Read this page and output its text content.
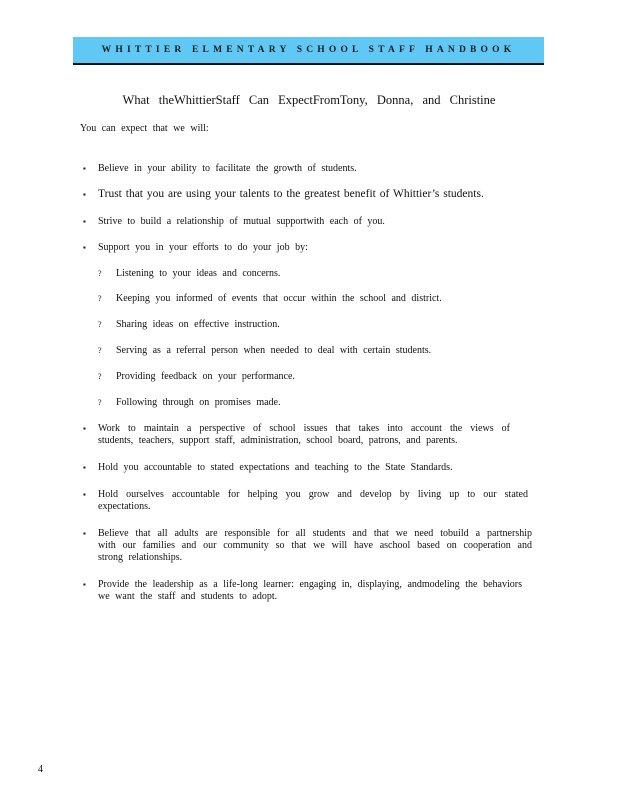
WHITTIER ELMENTARY SCHOOL STAFF HANDBOOK
What theWhittierStaff Can ExpectFromTony, Donna, and Christine
You can expect that we will:
▪ Believe in your ability to facilitate the growth of students.
▪ Trust that you are using your talents to the greatest benefit of Whittier’s students.
▪ Strive to build a relationship of mutual supportwith each of you.
▪ Support you in your efforts to do your job by:
? Listening to your ideas and concerns.
? Keeping you informed of events that occur within the school and district.
? Sharing ideas on effective instruction.
? Serving as a referral person when needed to deal with certain students.
? Providing feedback on your performance.
? Following through on promises made.
▪ Work to maintain a perspective of school issues that takes into account the views of students, teachers, support staff, administration, school board, patrons, and parents.
▪ Hold you accountable to stated expectations and teaching to the State Standards.
▪ Hold ourselves accountable for helping you grow and develop by living up to our stated expectations.
▪ Believe that all adults are responsible for all students and that we need tobuild a partnership with our families and our community so that we will have aschool based on cooperation and strong relationships.
▪ Provide the leadership as a life-long learner: engaging in, displaying, andmodeling the behaviors we want the staff and students to adopt.
4
